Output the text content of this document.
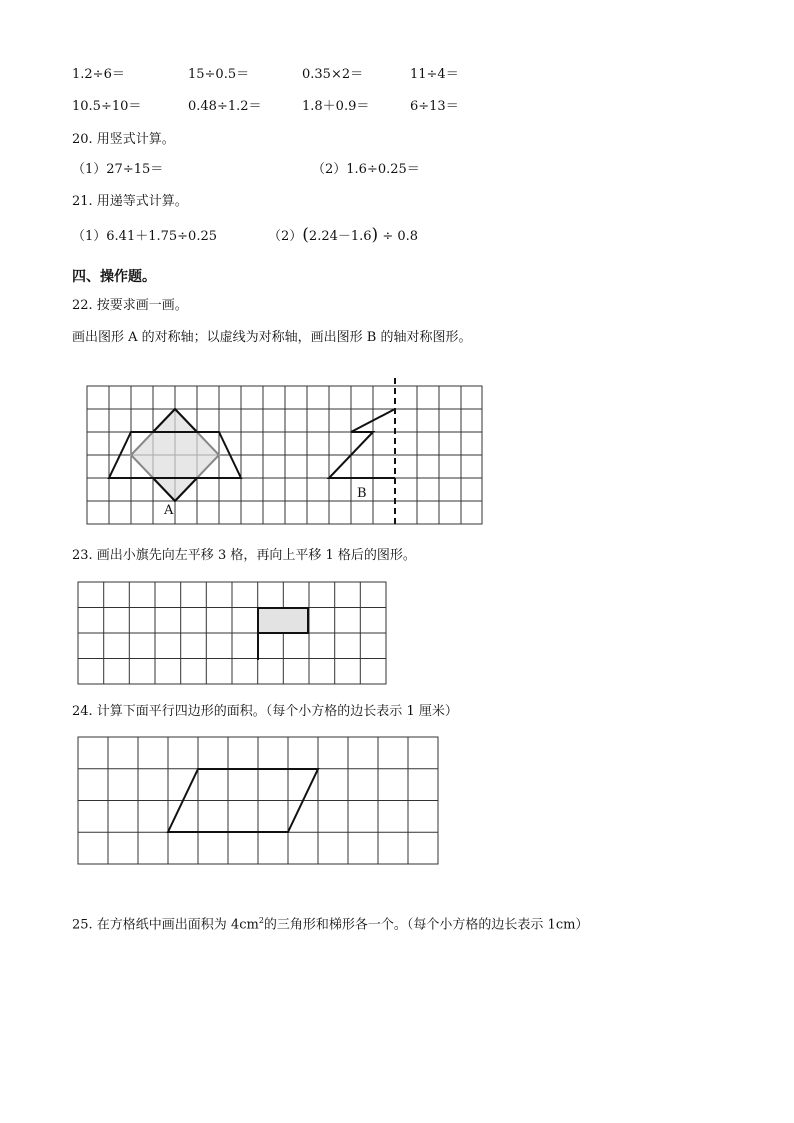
1.2÷6＝	15÷0.5＝	0.35×2＝	11÷4＝
10.5÷10＝	0.48÷1.2＝	1.8＋0.9＝	6÷13＝
20. 用竖式计算。
（1）27÷15＝	（2）1.6÷0.25＝
21. 用递等式计算。
（1）6.41＋1.75÷0.25	（2）(2.24－1.6) ÷ 0.8
四、操作题。
22. 按要求画一画。
画出图形 A 的对称轴；以虚线为对称轴，画出图形 B 的轴对称图形。
A
B
23. 画出小旗先向左平移 3 格，再向上平移 1 格后的图形。
24. 计算下面平行四边形的面积。（每个小方格的边长表示 1 厘米）
25. 在方格纸中画出面积为 $4cm^2$的三角形和梯形各一个。（每个小方格的边长表示 1cm）
